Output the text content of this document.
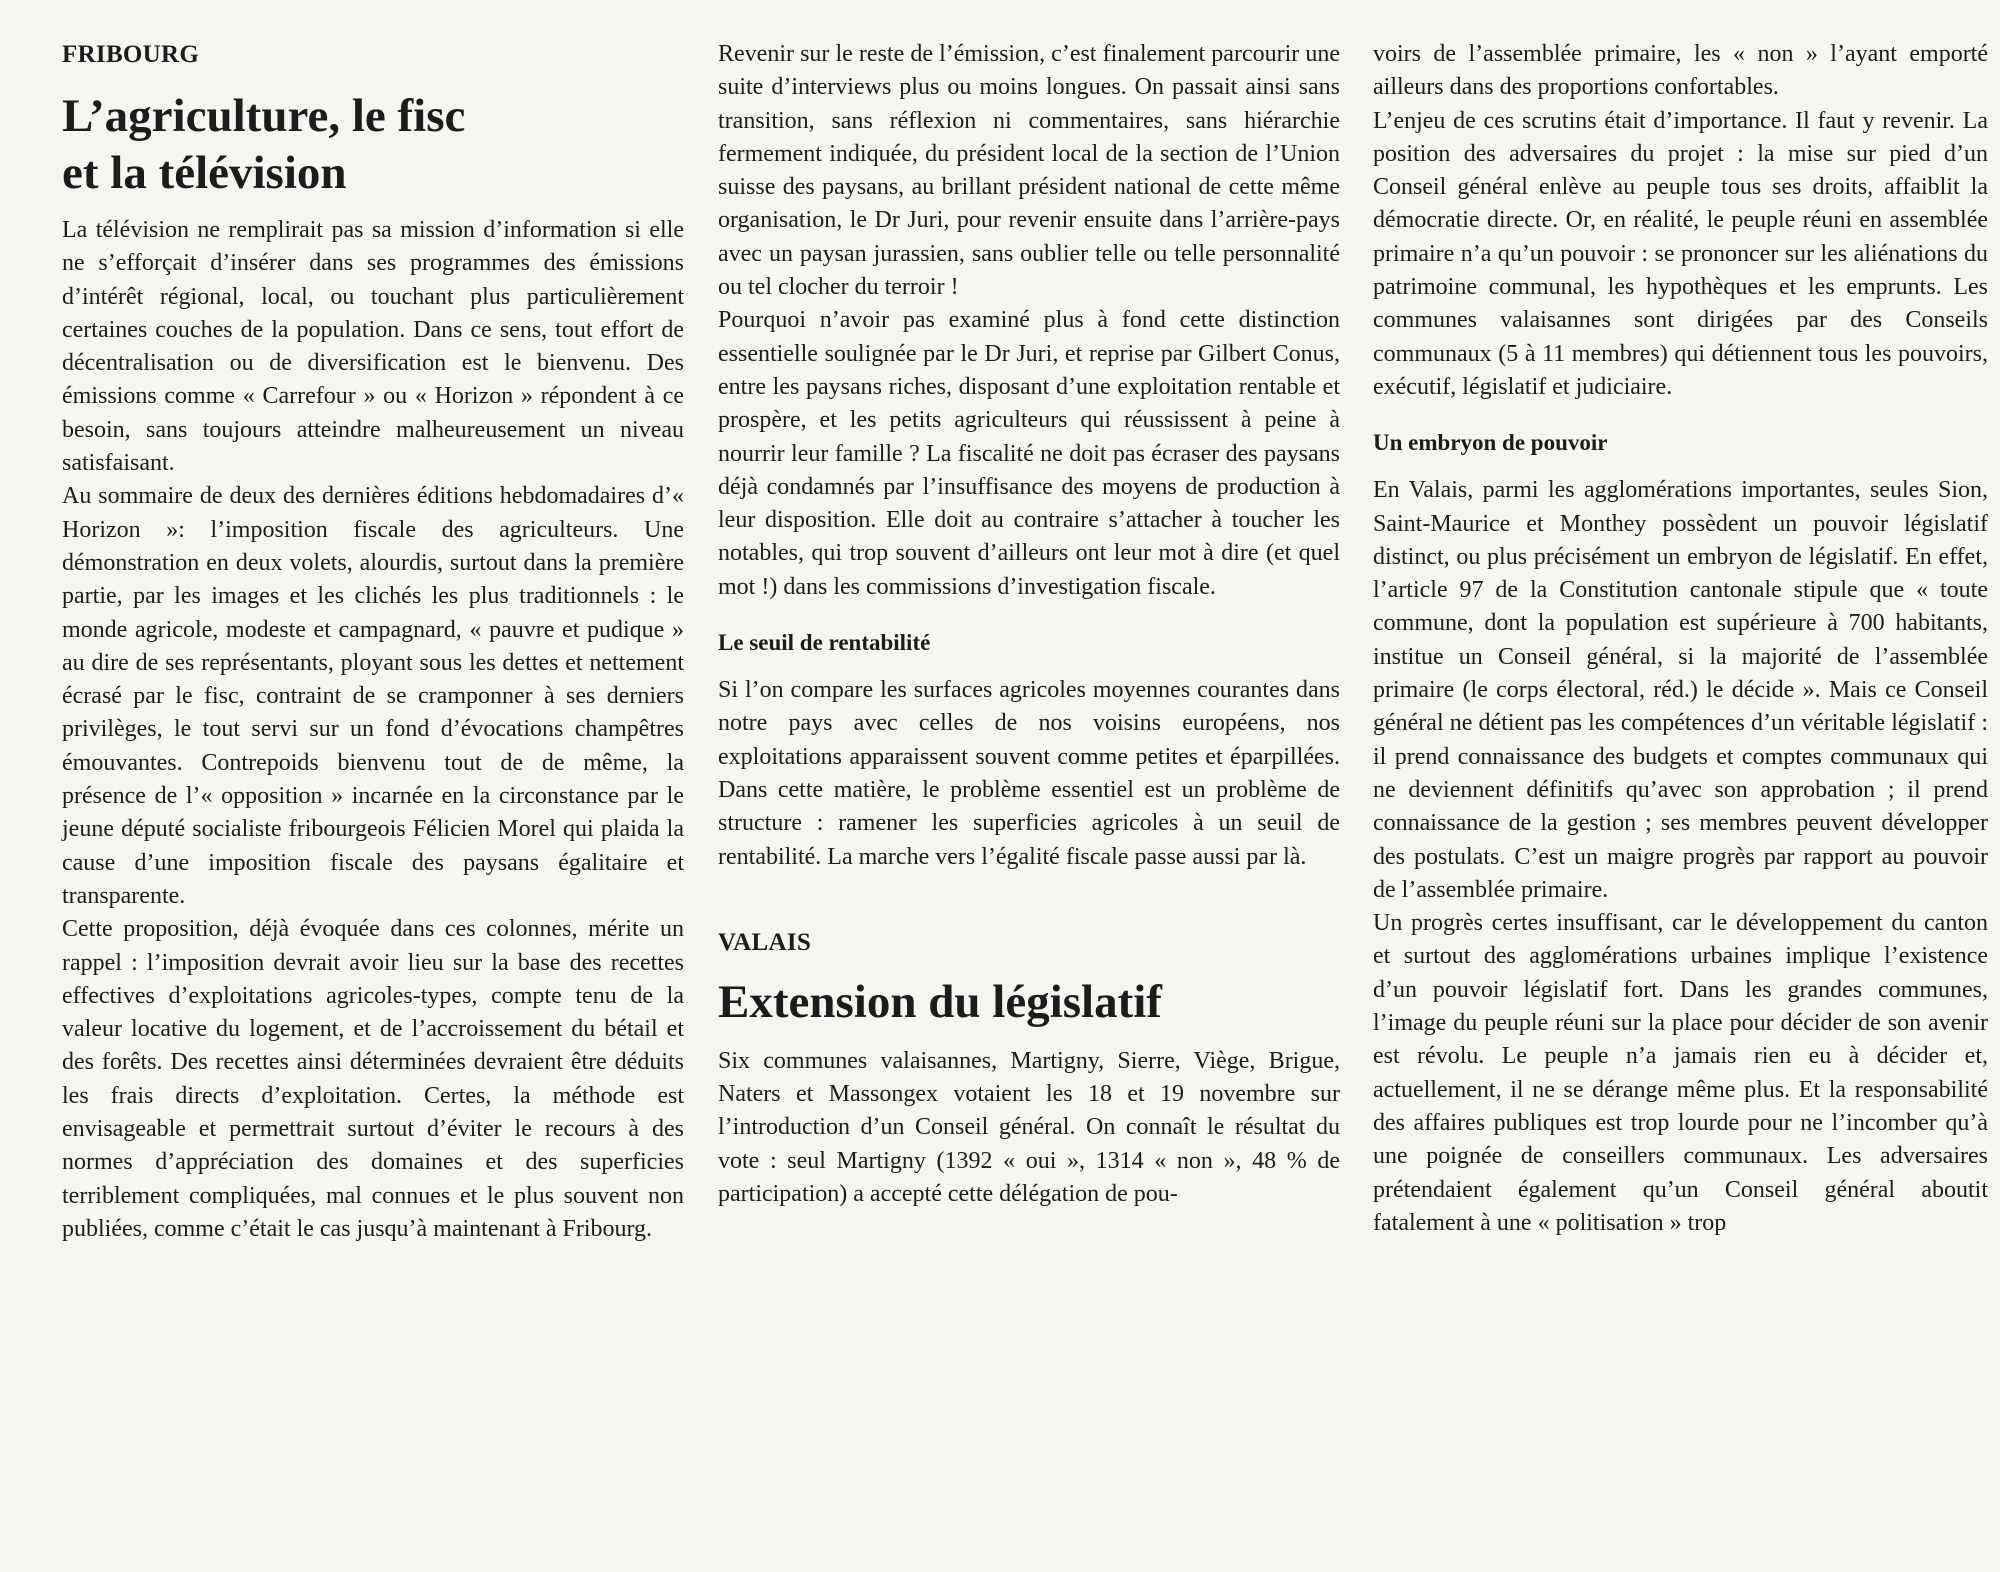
FRIBOURG
L’agriculture, le fisc
et la télévision

La télévision ne remplirait pas sa mission d’information si elle ne s’efforçait d’insérer dans ses programmes des émissions d’intérêt régional, local, ou touchant plus particulièrement certaines couches de la population. Dans ce sens, tout effort de décentralisation ou de diversification est le bienvenu. Des émissions comme « Carrefour » ou « Horizon » répondent à ce besoin, sans toujours atteindre malheureusement un niveau satisfaisant.

Au sommaire de deux des dernières éditions hebdomadaires d’« Horizon »: l’imposition fiscale des agriculteurs. Une démonstration en deux volets, alourdis, surtout dans la première partie, par les images et les clichés les plus traditionnels : le monde agricole, modeste et campagnard, « pauvre et pudique » au dire de ses représentants, ployant sous les dettes et nettement écrasé par le fisc, contraint de se cramponner à ses derniers privilèges, le tout servi sur un fond d’évocations champêtres émouvantes. Contrepoids bienvenu tout de de même, la présence de l’« opposition » incarnée en la circonstance par le jeune député socialiste fribourgeois Félicien Morel qui plaida la cause d’une imposition fiscale des paysans égalitaire et transparente.

Cette proposition, déjà évoquée dans ces colonnes, mérite un rappel : l’imposition devrait avoir lieu sur la base des recettes effectives d’exploitations agricoles-types, compte tenu de la valeur locative du logement, et de l’accroissement du bétail et des forêts. Des recettes ainsi déterminées devraient être déduits les frais directs d’exploitation. Certes, la méthode est envisageable et permettrait surtout d’éviter le recours à des normes d’appréciation des domaines et des superficies terriblement compliquées, mal connues et le plus souvent non publiées, comme c’était le cas jusqu’à maintenant à Fribourg.

Revenir sur le reste de l’émission, c’est finalement parcourir une suite d’interviews plus ou moins longues. On passait ainsi sans transition, sans réflexion ni commentaires, sans hiérarchie fermement indiquée, du président local de la section de l’Union suisse des paysans, au brillant président national de cette même organisation, le Dr Juri, pour revenir ensuite dans l’arrière-pays avec un paysan jurassien, sans oublier telle ou telle personnalité ou tel clocher du terroir !

Pourquoi n’avoir pas examiné plus à fond cette distinction essentielle soulignée par le Dr Juri, et reprise par Gilbert Conus, entre les paysans riches, disposant d’une exploitation rentable et prospère, et les petits agriculteurs qui réussissent à peine à nourrir leur famille ? La fiscalité ne doit pas écraser des paysans déjà condamnés par l’insuffisance des moyens de production à leur disposition. Elle doit au contraire s’attacher à toucher les notables, qui trop souvent d’ailleurs ont leur mot à dire (et quel mot !) dans les commissions d’investigation fiscale.

Le seuil de rentabilité

Si l’on compare les surfaces agricoles moyennes courantes dans notre pays avec celles de nos voisins européens, nos exploitations apparaissent souvent comme petites et éparpillées. Dans cette matière, le problème essentiel est un problème de structure : ramener les superficies agricoles à un seuil de rentabilité. La marche vers l’égalité fiscale passe aussi par là.

VALAIS
Extension du législatif

Six communes valaisannes, Martigny, Sierre, Viège, Brigue, Naters et Massongex votaient les 18 et 19 novembre sur l’introduction d’un Conseil général. On connaît le résultat du vote : seul Martigny (1392 « oui », 1314 « non », 48 % de participation) a accepté cette délégation de pou-

voirs de l’assemblée primaire, les « non » l’ayant emporté ailleurs dans des proportions confortables.

L’enjeu de ces scrutins était d’importance. Il faut y revenir. La position des adversaires du projet : la mise sur pied d’un Conseil général enlève au peuple tous ses droits, affaiblit la démocratie directe. Or, en réalité, le peuple réuni en assemblée primaire n’a qu’un pouvoir : se prononcer sur les aliénations du patrimoine communal, les hypothèques et les emprunts. Les communes valaisannes sont dirigées par des Conseils communaux (5 à 11 membres) qui détiennent tous les pouvoirs, exécutif, législatif et judiciaire.

Un embryon de pouvoir

En Valais, parmi les agglomérations importantes, seules Sion, Saint-Maurice et Monthey possèdent un pouvoir législatif distinct, ou plus précisément un embryon de législatif. En effet, l’article 97 de la Constitution cantonale stipule que « toute commune, dont la population est supérieure à 700 habitants, institue un Conseil général, si la majorité de l’assemblée primaire (le corps électoral, réd.) le décide ». Mais ce Conseil général ne détient pas les compétences d’un véritable législatif : il prend connaissance des budgets et comptes communaux qui ne deviennent définitifs qu’avec son approbation ; il prend connaissance de la gestion ; ses membres peuvent développer des postulats. C’est un maigre progrès par rapport au pouvoir de l’assemblée primaire.

Un progrès certes insuffisant, car le développement du canton et surtout des agglomérations urbaines implique l’existence d’un pouvoir législatif fort. Dans les grandes communes, l’image du peuple réuni sur la place pour décider de son avenir est révolu. Le peuple n’a jamais rien eu à décider et, actuellement, il ne se dérange même plus. Et la responsabilité des affaires publiques est trop lourde pour ne l’incomber qu’à une poignée de conseillers communaux. Les adversaires prétendaient également qu’un Conseil général aboutit fatalement à une « politisation » trop
